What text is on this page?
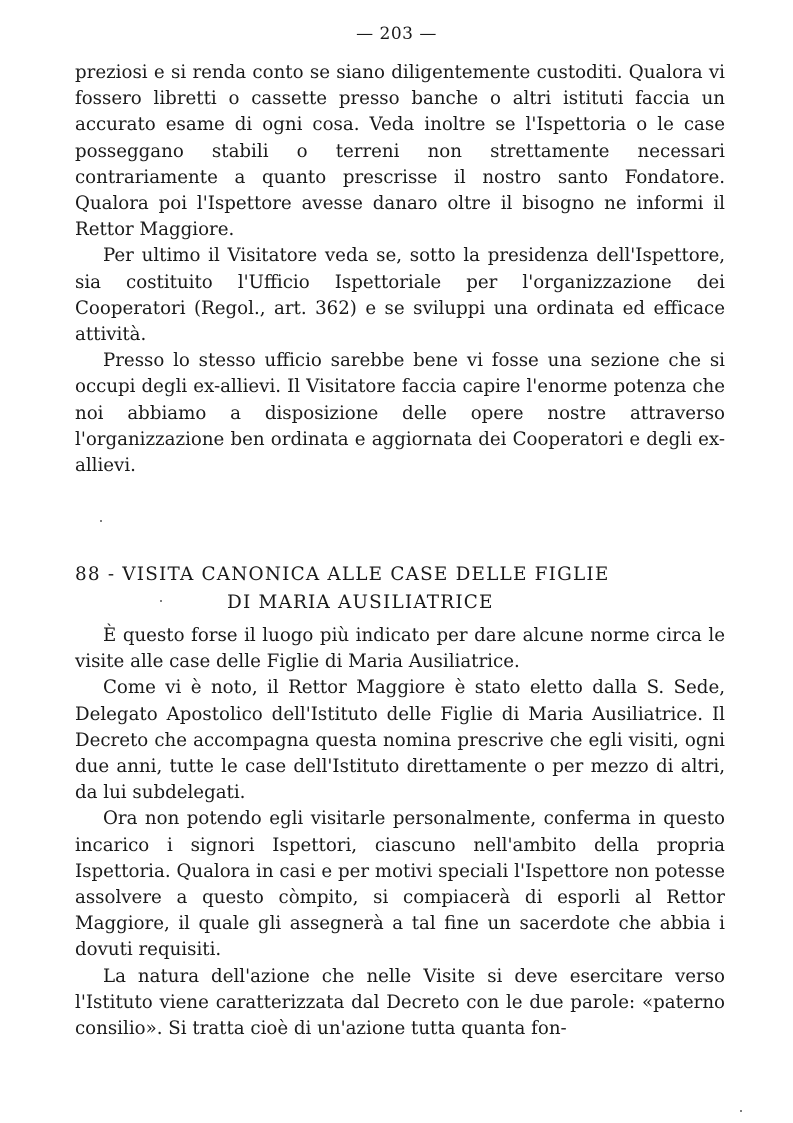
— 203 —

preziosi e si renda conto se siano diligentemente custoditi. Qualora vi fossero libretti o cassette presso banche o altri istituti faccia un accurato esame di ogni cosa. Veda inoltre se l'Ispettoria o le case posseggano stabili o terreni non strettamente necessari contrariamente a quanto prescrisse il nostro santo Fondatore. Qualora poi l'Ispettore avesse danaro oltre il bisogno ne informi il Rettor Maggiore.

Per ultimo il Visitatore veda se, sotto la presidenza dell'Ispettore, sia costituito l'Ufficio Ispettoriale per l'organizzazione dei Cooperatori (Regol., art. 362) e se sviluppi una ordinata ed efficace attività.

Presso lo stesso ufficio sarebbe bene vi fosse una sezione che si occupi degli ex-allievi. Il Visitatore faccia capire l'enorme potenza che noi abbiamo a disposizione delle opere nostre attraverso l'organizzazione ben ordinata e aggiornata dei Cooperatori e degli ex-allievi.

88 - VISITA CANONICA ALLE CASE DELLE FIGLIE
DI MARIA AUSILIATRICE

È questo forse il luogo più indicato per dare alcune norme circa le visite alle case delle Figlie di Maria Ausiliatrice.

Come vi è noto, il Rettor Maggiore è stato eletto dalla S. Sede, Delegato Apostolico dell'Istituto delle Figlie di Maria Ausiliatrice. Il Decreto che accompagna questa nomina prescrive che egli visiti, ogni due anni, tutte le case dell'Istituto direttamente o per mezzo di altri, da lui subdelegati.

Ora non potendo egli visitarle personalmente, conferma in questo incarico i signori Ispettori, ciascuno nell'ambito della propria Ispettoria. Qualora in casi e per motivi speciali l'Ispettore non potesse assolvere a questo còmpito, si compiacerà di esporli al Rettor Maggiore, il quale gli assegnerà a tal fine un sacerdote che abbia i dovuti requisiti.

La natura dell'azione che nelle Visite si deve esercitare verso l'Istituto viene caratterizzata dal Decreto con le due parole: «paterno consilio». Si tratta cioè di un'azione tutta quanta fon-
